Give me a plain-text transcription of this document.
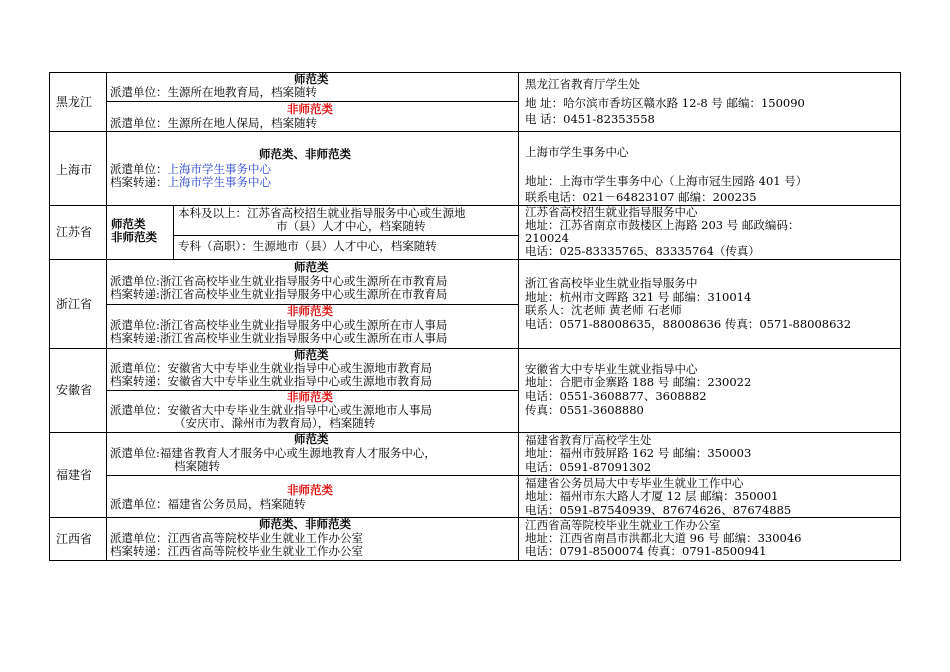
黑龙江
师范类
派遣单位：生源所在地教育局，档案随转
非师范类
派遣单位：生源所在地人保局，档案随转
黑龙江省教育厅学生处
地 址：哈尔滨市香坊区赣水路 12-8 号 邮编：150090
电 话：0451-82353558
上海市
师范类、非师范类
派遣单位：上海市学生事务中心
档案转递：上海市学生事务中心
上海市学生事务中心
地址：上海市学生事务中心（上海市冠生园路 401 号）
联系电话：021－64823107 邮编：200235
江苏省
师范类
非师范类
本科及以上：江苏省高校招生就业指导服务中心或生源地
市（县）人才中心，档案随转
专科（高职）：生源地市（县）人才中心，档案随转
江苏省高校招生就业指导服务中心
地址：江苏省南京市鼓楼区上海路 203 号 邮政编码：
210024
电话：025-83335765、83335764（传真）
浙江省
师范类
派遣单位:浙江省高校毕业生就业指导服务中心或生源所在市教育局
档案转递:浙江省高校毕业生就业指导服务中心或生源所在市教育局
非师范类
派遣单位:浙江省高校毕业生就业指导服务中心或生源所在市人事局
档案转递:浙江省高校毕业生就业指导服务中心或生源所在市人事局
浙江省高校毕业生就业指导服务中
地址：杭州市文晖路 321 号 邮编：310014
联系人：沈老师 黄老师 石老师
电话：0571-88008635，88008636 传真：0571-88008632
安徽省
师范类
派遣单位：安徽省大中专毕业生就业指导中心或生源地市教育局
档案转递：安徽省大中专毕业生就业指导中心或生源地市教育局
非师范类
派遣单位：安徽省大中专毕业生就业指导中心或生源地市人事局
（安庆市、滁州市为教育局），档案随转
安徽省大中专毕业生就业指导中心
地址：合肥市金寨路 188 号 邮编：230022
电话：0551-3608877、3608882
传真：0551-3608880
福建省
师范类
派遣单位:福建省教育人才服务中心或生源地教育人才服务中心，
档案随转
非师范类
派遣单位：福建省公务员局，档案随转
福建省教育厅高校学生处
地址：福州市鼓屏路 162 号 邮编：350003
电话：0591-87091302
福建省公务员局大中专毕业生就业工作中心
地址：福州市东大路人才厦 12 层 邮编：350001
电话：0591-87540939、87674626、87674885
江西省
师范类、非师范类
派遣单位：江西省高等院校毕业生就业工作办公室
档案转递：江西省高等院校毕业生就业工作办公室
江西省高等院校毕业生就业工作办公室
地址：江西省南昌市洪都北大道 96 号 邮编：330046
电话：0791-8500074 传真：0791-8500941
